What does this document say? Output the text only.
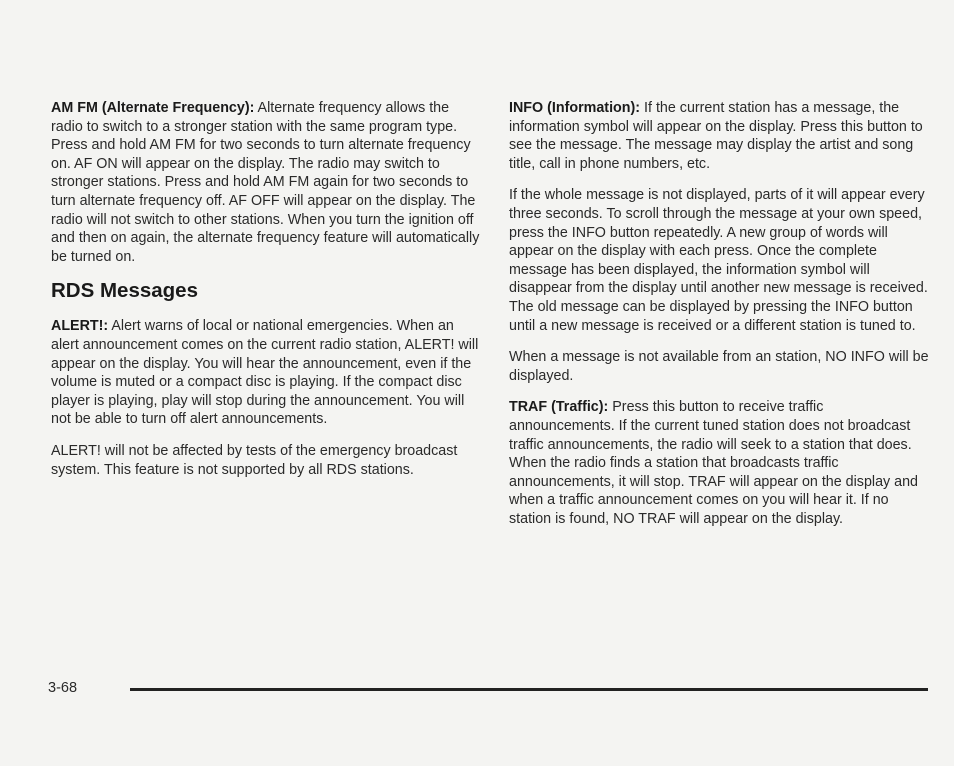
AM FM (Alternate Frequency): Alternate frequency allows the radio to switch to a stronger station with the same program type. Press and hold AM FM for two seconds to turn alternate frequency on. AF ON will appear on the display. The radio may switch to stronger stations. Press and hold AM FM again for two seconds to turn alternate frequency off. AF OFF will appear on the display. The radio will not switch to other stations. When you turn the ignition off and then on again, the alternate frequency feature will automatically be turned on.

RDS Messages

ALERT!: Alert warns of local or national emergencies. When an alert announcement comes on the current radio station, ALERT! will appear on the display. You will hear the announcement, even if the volume is muted or a compact disc is playing. If the compact disc player is playing, play will stop during the announcement. You will not be able to turn off alert announcements.

ALERT! will not be affected by tests of the emergency broadcast system. This feature is not supported by all RDS stations.

INFO (Information): If the current station has a message, the information symbol will appear on the display. Press this button to see the message. The message may display the artist and song title, call in phone numbers, etc.

If the whole message is not displayed, parts of it will appear every three seconds. To scroll through the message at your own speed, press the INFO button repeatedly. A new group of words will appear on the display with each press. Once the complete message has been displayed, the information symbol will disappear from the display until another new message is received. The old message can be displayed by pressing the INFO button until a new message is received or a different station is tuned to.

When a message is not available from an station, NO INFO will be displayed.

TRAF (Traffic): Press this button to receive traffic announcements. If the current tuned station does not broadcast traffic announcements, the radio will seek to a station that does. When the radio finds a station that broadcasts traffic announcements, it will stop. TRAF will appear on the display and when a traffic announcement comes on you will hear it. If no station is found, NO TRAF will appear on the display.

3-68
